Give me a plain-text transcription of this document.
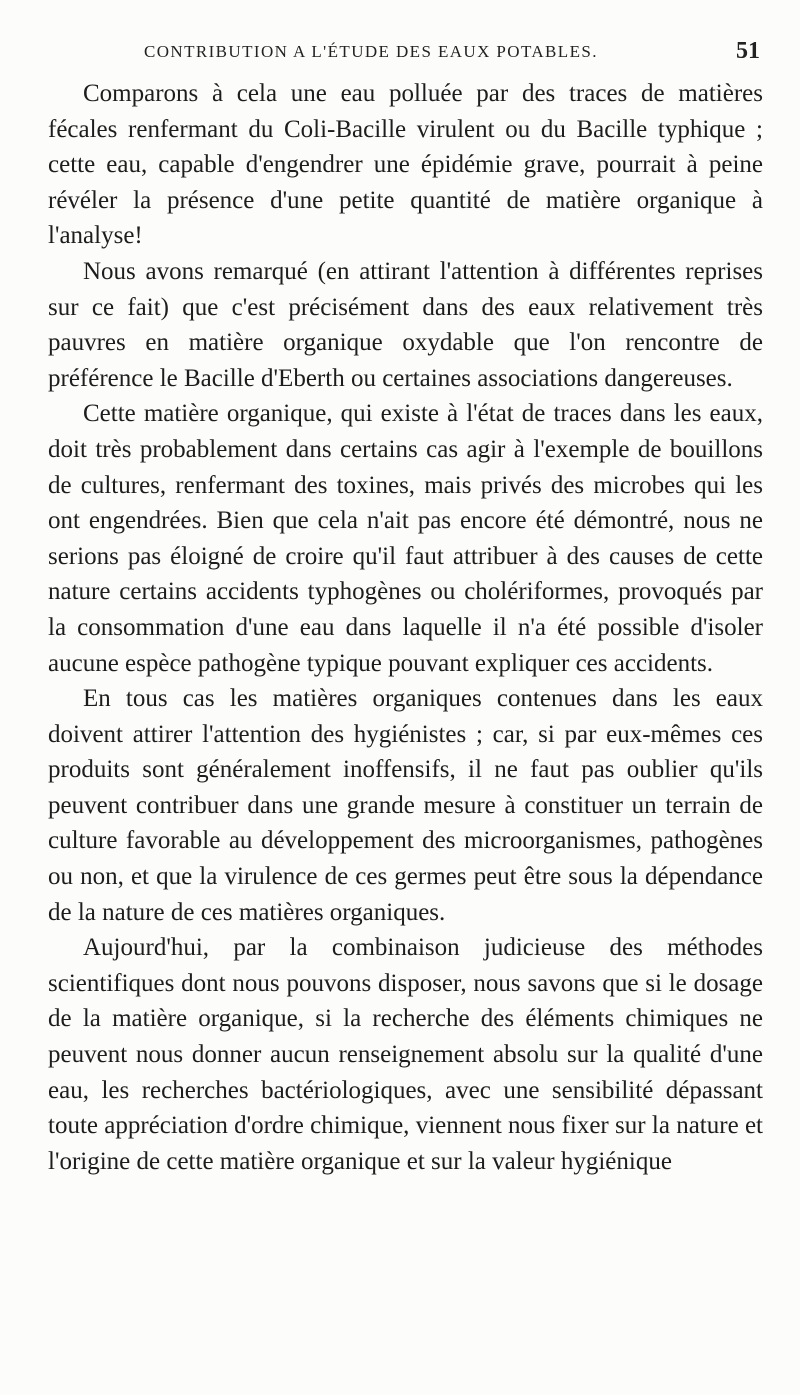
CONTRIBUTION A L'ÉTUDE DES EAUX POTABLES.	51

Comparons à cela une eau polluée par des traces de matières fécales renfermant du Coli-Bacille virulent ou du Bacille typhique ; cette eau, capable d'engendrer une épidémie grave, pourrait à peine révéler la présence d'une petite quantité de matière organique à l'analyse!

Nous avons remarqué (en attirant l'attention à différentes reprises sur ce fait) que c'est précisément dans des eaux relativement très pauvres en matière organique oxydable que l'on rencontre de préférence le Bacille d'Eberth ou certaines associations dangereuses.

Cette matière organique, qui existe à l'état de traces dans les eaux, doit très probablement dans certains cas agir à l'exemple de bouillons de cultures, renfermant des toxines, mais privés des microbes qui les ont engendrées. Bien que cela n'ait pas encore été démontré, nous ne serions pas éloigné de croire qu'il faut attribuer à des causes de cette nature certains accidents typhogènes ou cholériformes, provoqués par la consommation d'une eau dans laquelle il n'a été possible d'isoler aucune espèce pathogène typique pouvant expliquer ces accidents.

En tous cas les matières organiques contenues dans les eaux doivent attirer l'attention des hygiénistes ; car, si par eux-mêmes ces produits sont généralement inoffensifs, il ne faut pas oublier qu'ils peuvent contribuer dans une grande mesure à constituer un terrain de culture favorable au développement des microorganismes, pathogènes ou non, et que la virulence de ces germes peut être sous la dépendance de la nature de ces matières organiques.

Aujourd'hui, par la combinaison judicieuse des méthodes scientifiques dont nous pouvons disposer, nous savons que si le dosage de la matière organique, si la recherche des éléments chimiques ne peuvent nous donner aucun renseignement absolu sur la qualité d'une eau, les recherches bactériologiques, avec une sensibilité dépassant toute appréciation d'ordre chimique, viennent nous fixer sur la nature et l'origine de cette matière organique et sur la valeur hygiénique
